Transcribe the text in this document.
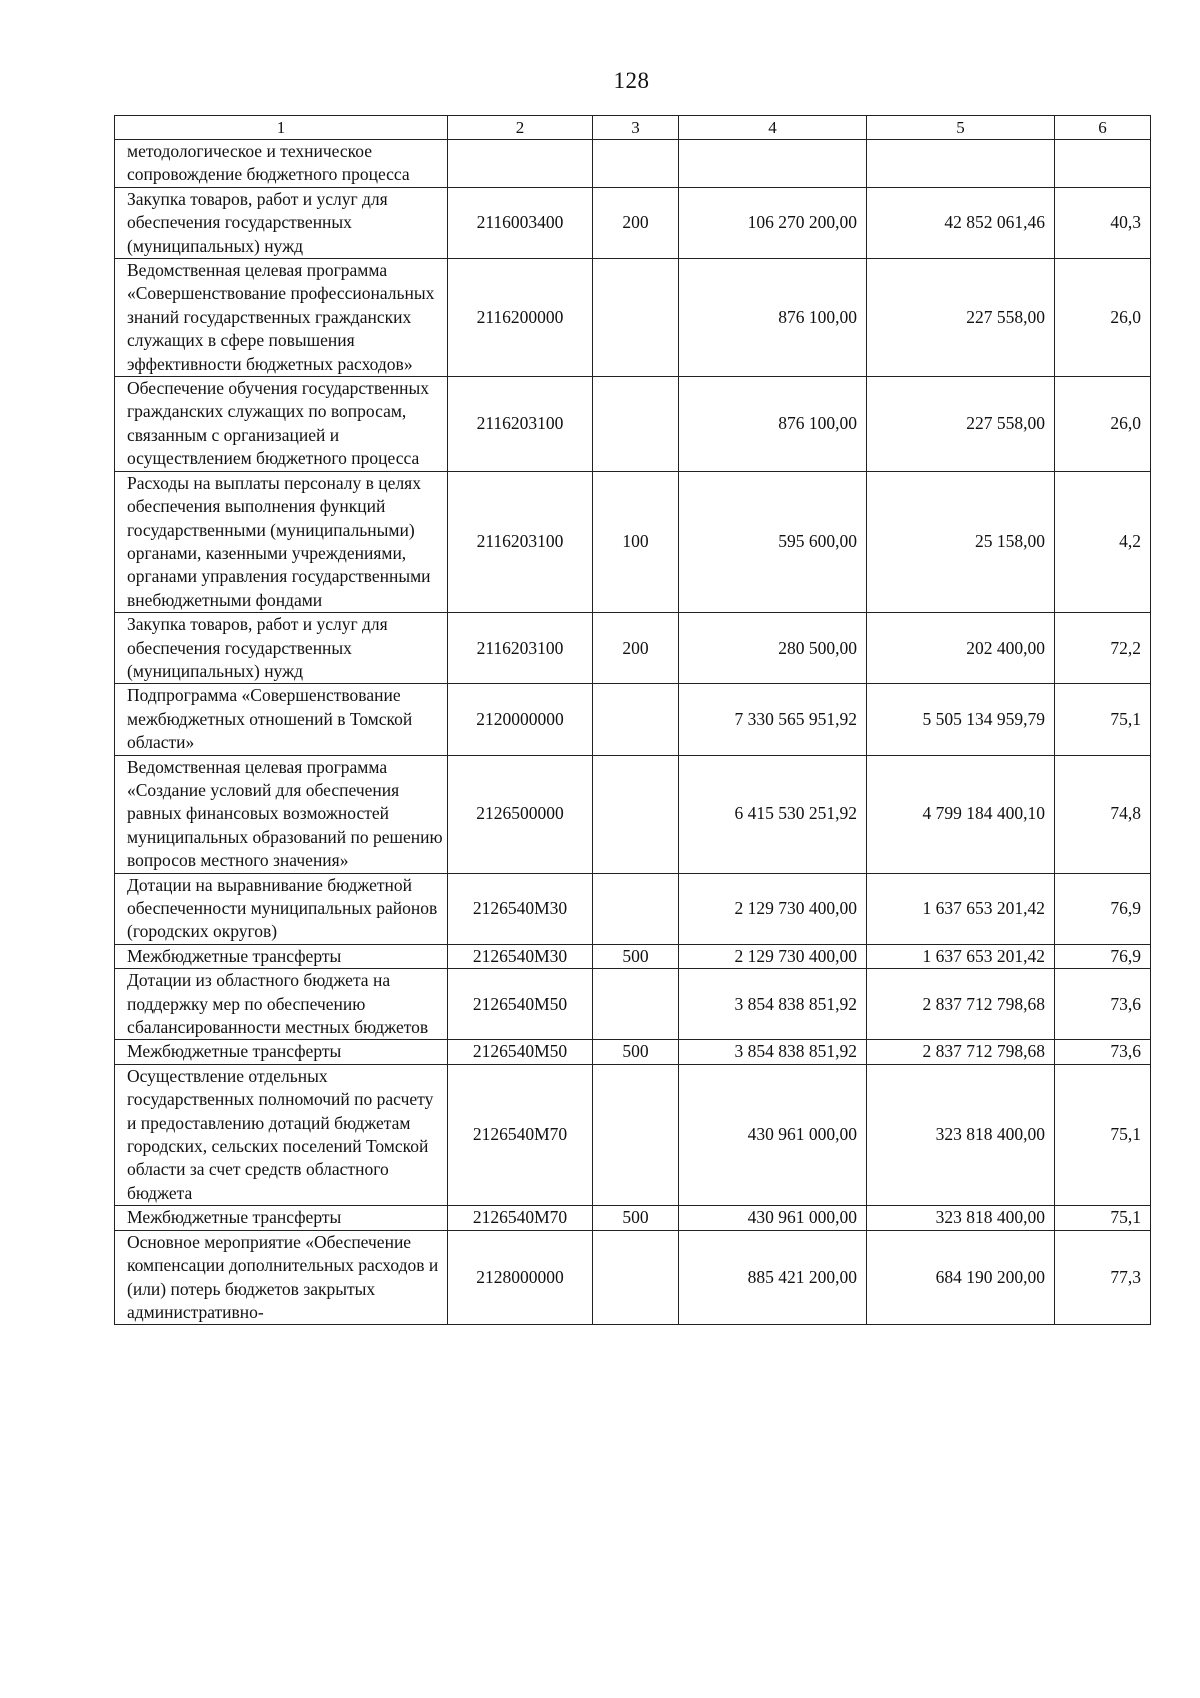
128
1	2	3	4	5	6
методологическое и техническое сопровождение бюджетного процесса					
Закупка товаров, работ и услуг для обеспечения государственных (муниципальных) нужд	2116003400	200	106 270 200,00	42 852 061,46	40,3
Ведомственная целевая программа «Совершенствование профессиональных знаний государственных гражданских служащих в сфере повышения эффективности бюджетных расходов»	2116200000		876 100,00	227 558,00	26,0
Обеспечение обучения государственных гражданских служащих по вопросам, связанным с организацией и осуществлением бюджетного процесса	2116203100		876 100,00	227 558,00	26,0
Расходы на выплаты персоналу в целях обеспечения выполнения функций государственными (муниципальными) органами, казенными учреждениями, органами управления государственными внебюджетными фондами	2116203100	100	595 600,00	25 158,00	4,2
Закупка товаров, работ и услуг для обеспечения государственных (муниципальных) нужд	2116203100	200	280 500,00	202 400,00	72,2
Подпрограмма «Совершенствование межбюджетных отношений в Томской области»	2120000000		7 330 565 951,92	5 505 134 959,79	75,1
Ведомственная целевая программа «Создание условий для обеспечения равных финансовых возможностей муниципальных образований по решению вопросов местного значения»	2126500000		6 415 530 251,92	4 799 184 400,10	74,8
Дотации на выравнивание бюджетной обеспеченности муниципальных районов (городских округов)	2126540M30		2 129 730 400,00	1 637 653 201,42	76,9
Межбюджетные трансферты	2126540M30	500	2 129 730 400,00	1 637 653 201,42	76,9
Дотации из областного бюджета на поддержку мер по обеспечению сбалансированности местных бюджетов	2126540M50		3 854 838 851,92	2 837 712 798,68	73,6
Межбюджетные трансферты	2126540M50	500	3 854 838 851,92	2 837 712 798,68	73,6
Осуществление отдельных государственных полномочий по расчету и предоставлению дотаций бюджетам городских, сельских поселений Томской области за счет средств областного бюджета	2126540M70		430 961 000,00	323 818 400,00	75,1
Межбюджетные трансферты	2126540M70	500	430 961 000,00	323 818 400,00	75,1
Основное мероприятие «Обеспечение компенсации дополнительных расходов и (или) потерь бюджетов закрытых административно-	2128000000		885 421 200,00	684 190 200,00	77,3
